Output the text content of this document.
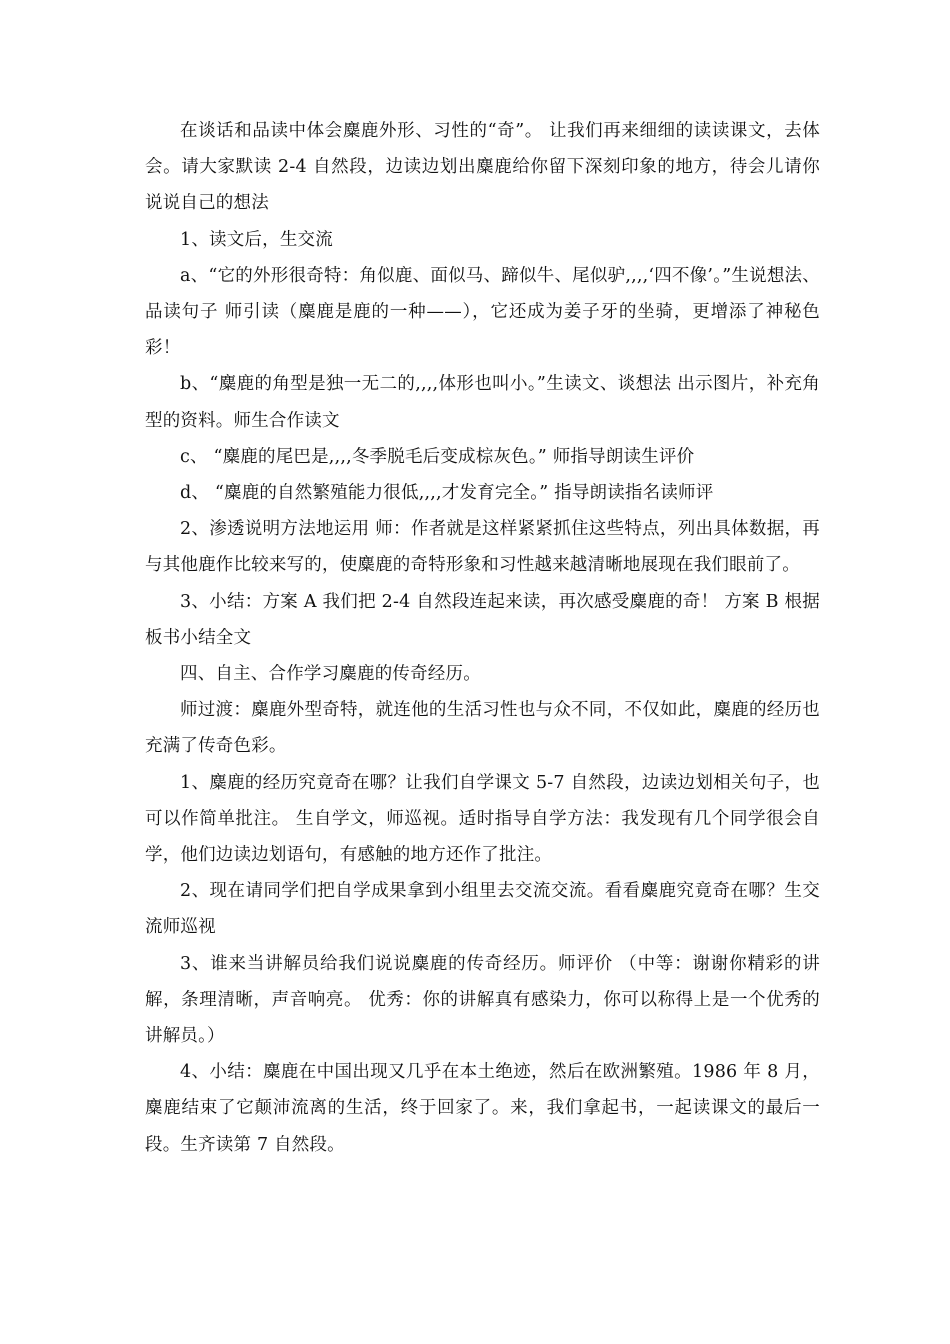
在谈话和品读中体会麋鹿外形、习性的“奇”。 让我们再来细细的读读课文，去体会。请大家默读 2-4 自然段，边读边划出麋鹿给你留下深刻印象的地方，待会儿请你说说自己的想法

1、读文后，生交流

a、“它的外形很奇特：角似鹿、面似马、蹄似牛、尾似驴,,,,‘四不像’。”生说想法、品读句子 师引读（麋鹿是鹿的一种——），它还成为姜子牙的坐骑，更增添了神秘色彩！

b、“麋鹿的角型是独一无二的,,,,体形也叫小。”生读文、谈想法 出示图片，补充角型的资料。师生合作读文

c、 “麋鹿的尾巴是,,,,冬季脱毛后变成棕灰色。” 师指导朗读生评价

d、 “麋鹿的自然繁殖能力很低,,,,才发育完全。” 指导朗读指名读师评

2、渗透说明方法地运用 师：作者就是这样紧紧抓住这些特点，列出具体数据，再与其他鹿作比较来写的，使麋鹿的奇特形象和习性越来越清晰地展现在我们眼前了。

3、小结：方案 A 我们把 2-4 自然段连起来读，再次感受麋鹿的奇！ 方案 B 根据板书小结全文

四、自主、合作学习麋鹿的传奇经历。

师过渡：麋鹿外型奇特，就连他的生活习性也与众不同，不仅如此，麋鹿的经历也充满了传奇色彩。

1、麋鹿的经历究竟奇在哪？让我们自学课文 5-7 自然段，边读边划相关句子，也可以作简单批注。 生自学文，师巡视。适时指导自学方法：我发现有几个同学很会自学，他们边读边划语句，有感触的地方还作了批注。

2、现在请同学们把自学成果拿到小组里去交流交流。看看麋鹿究竟奇在哪？生交流师巡视

3、谁来当讲解员给我们说说麋鹿的传奇经历。师评价 （中等：谢谢你精彩的讲解，条理清晰，声音响亮。 优秀：你的讲解真有感染力，你可以称得上是一个优秀的讲解员。）

4、小结：麋鹿在中国出现又几乎在本土绝迹，然后在欧洲繁殖。1986 年 8 月，麋鹿结束了它颠沛流离的生活，终于回家了。来，我们拿起书，一起读课文的最后一段。生齐读第 7 自然段。
